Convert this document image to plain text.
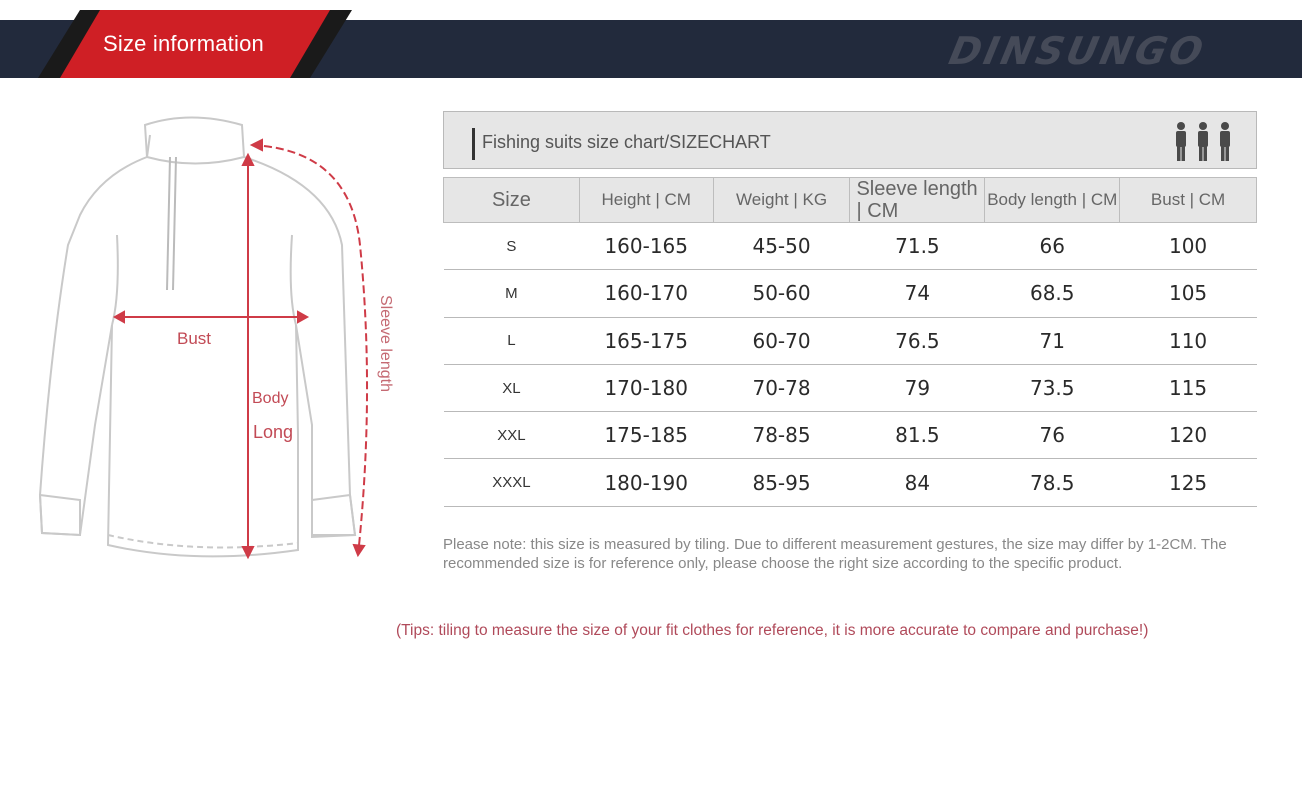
Size information	DINSUNGO
Bust
Body
Long
Sleeve length
Fishing suits size chart/SIZECHART
Size	Height | CM	Weight | KG	Sleeve length | CM	Body length | CM	Bust | CM
S	160-165	45-50	71.5	66	100
M	160-170	50-60	74	68.5	105
L	165-175	60-70	76.5	71	110
XL	170-180	70-78	79	73.5	115
XXL	175-185	78-85	81.5	76	120
XXXL	180-190	85-95	84	78.5	125
Please note: this size is measured by tiling. Due to different measurement gestures, the size may differ by 1-2CM. The recommended size is for reference only, please choose the right size according to the specific product.
(Tips: tiling to measure the size of your fit clothes for reference, it is more accurate to compare and purchase!)
